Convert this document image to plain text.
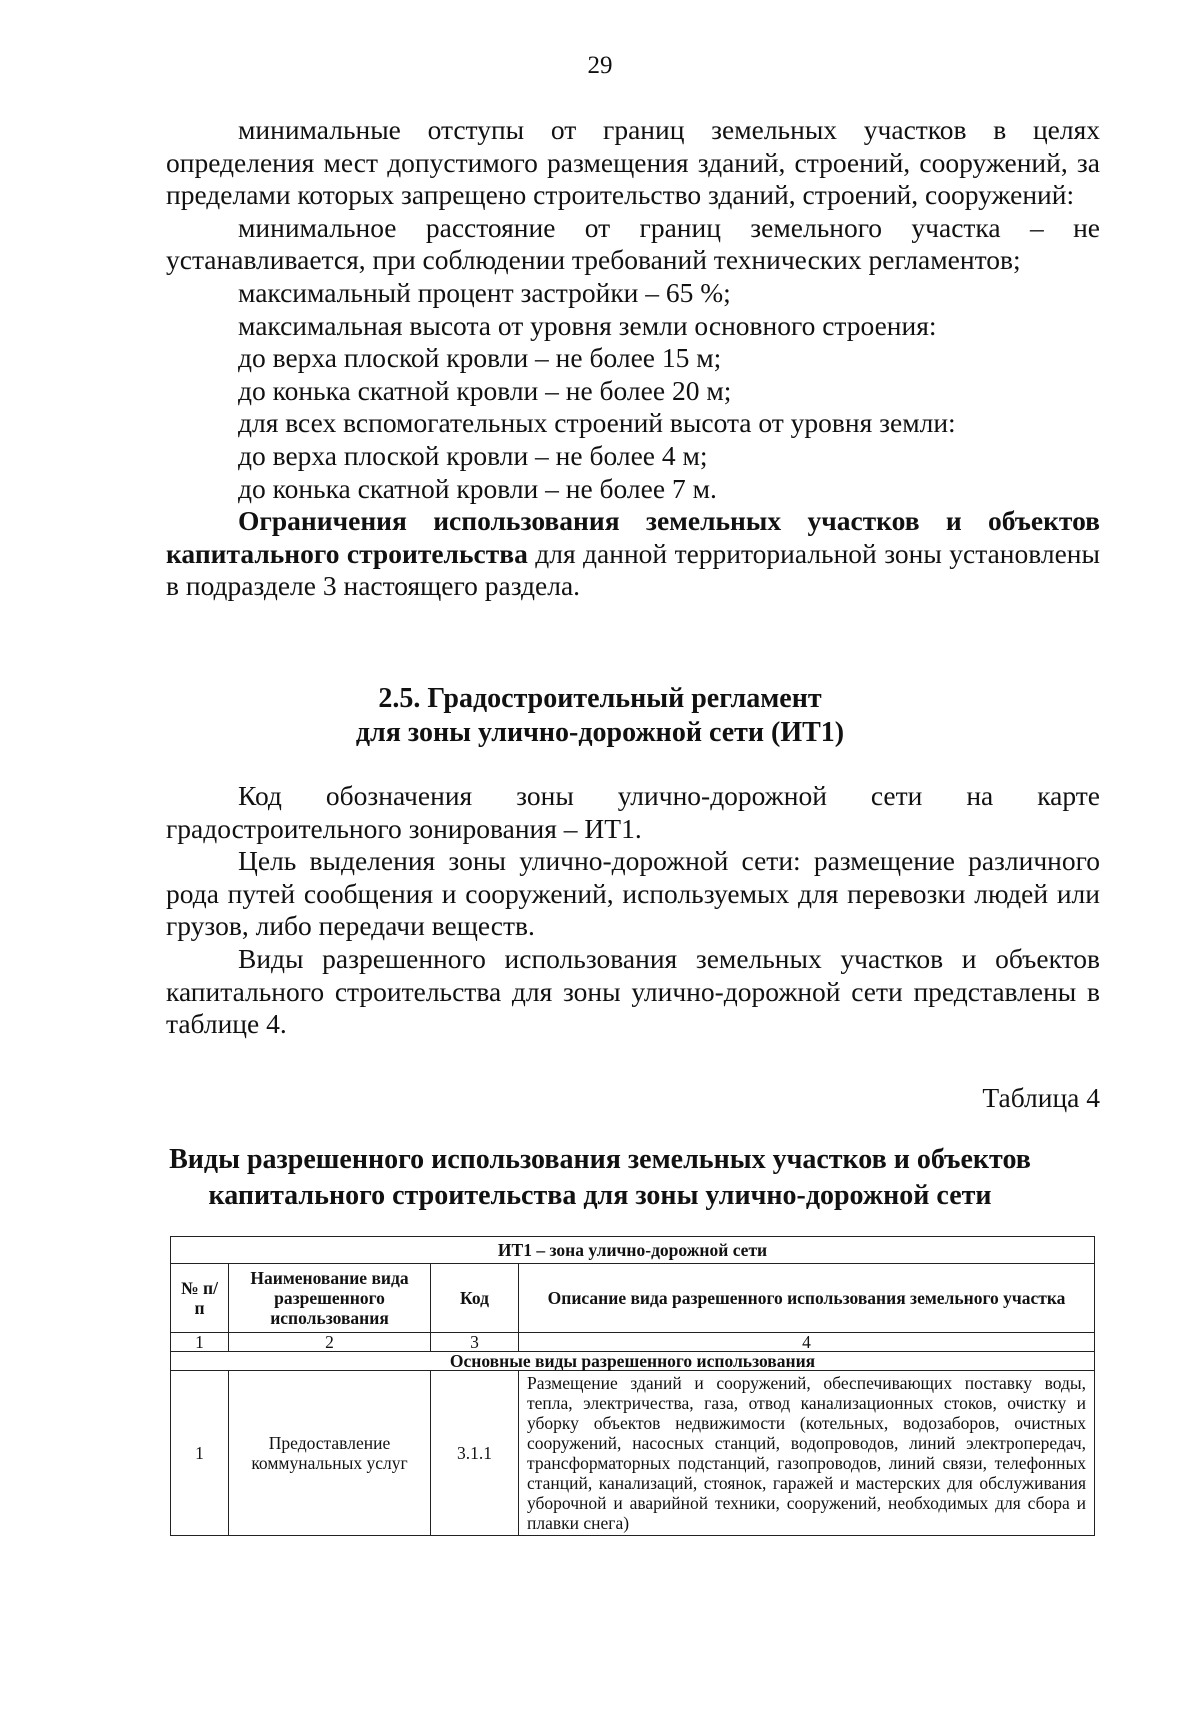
29

минимальные отступы от границ земельных участков в целях определения мест допустимого размещения зданий, строений, сооружений, за пределами которых запрещено строительство зданий, строений, сооружений:

минимальное расстояние от границ земельного участка – не устанавливается, при соблюдении требований технических регламентов;

максимальный процент застройки – 65 %;

максимальная высота от уровня земли основного строения:

до верха плоской кровли – не более 15 м;

до конька скатной кровли – не более 20 м;

для всех вспомогательных строений высота от уровня земли:

до верха плоской кровли – не более 4 м;

до конька скатной кровли – не более 7 м.

Ограничения использования земельных участков и объектов капитального строительства для данной территориальной зоны установлены в подразделе 3 настоящего раздела.

2.5. Градостроительный регламент
для зоны улично-дорожной сети (ИТ1)

Код обозначения зоны улично-дорожной сети на карте градостроительного зонирования – ИТ1.

Цель выделения зоны улично-дорожной сети: размещение различного рода путей сообщения и сооружений, используемых для перевозки людей или грузов, либо передачи веществ.

Виды разрешенного использования земельных участков и объектов капитального строительства для зоны улично-дорожной сети представлены в таблице 4.

Таблица 4
Виды разрешенного использования земельных участков и объектов
капитального строительства для зоны улично-дорожной сети
ИТ1 – зона улично-дорожной сети			
№ п/п	Наименование вида разрешенного использования	Код	Описание вида разрешенного использования земельного участка
1	2	3	4
Основные виды разрешенного использования			
1	Предоставление коммунальных услуг	3.1.1	Размещение зданий и сооружений, обеспечивающих поставку воды, тепла, электричества, газа, отвод канализационных стоков, очистку и уборку объектов недвижимости (котельных, водозаборов, очистных сооружений, насосных станций, водопроводов, линий электропередач, трансформаторных подстанций, газопроводов, линий связи, телефонных станций, канализаций, стоянок, гаражей и мастерских для обслуживания уборочной и аварийной техники, сооружений, необходимых для сбора и плавки снега)
